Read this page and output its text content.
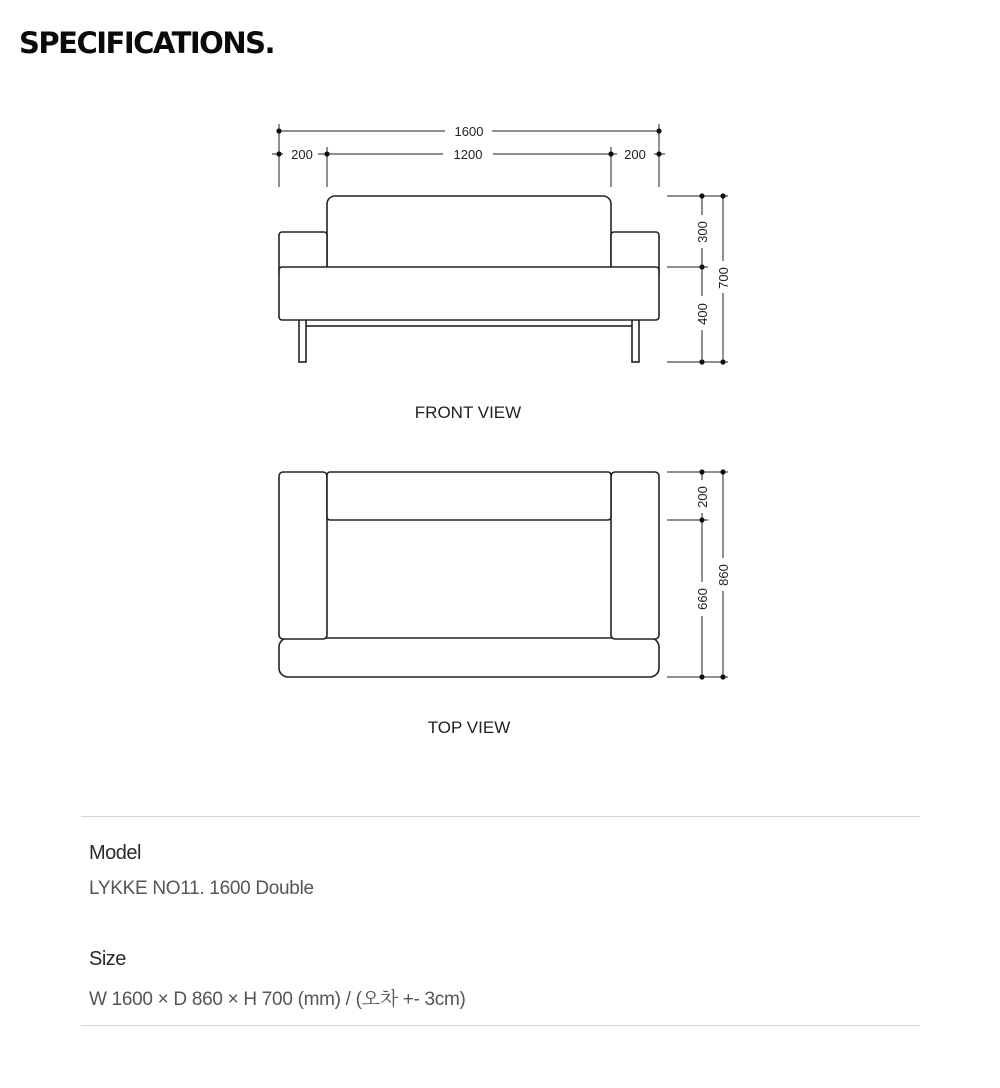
SPECIFICATIONS.
1600
200	1200	200
300
400
700
FRONT VIEW
200
660
860
TOP VIEW
Model
LYKKE NO11. 1600 Double
Size
W 1600 × D 860 × H 700 (mm) / (오차 +- 3cm)
